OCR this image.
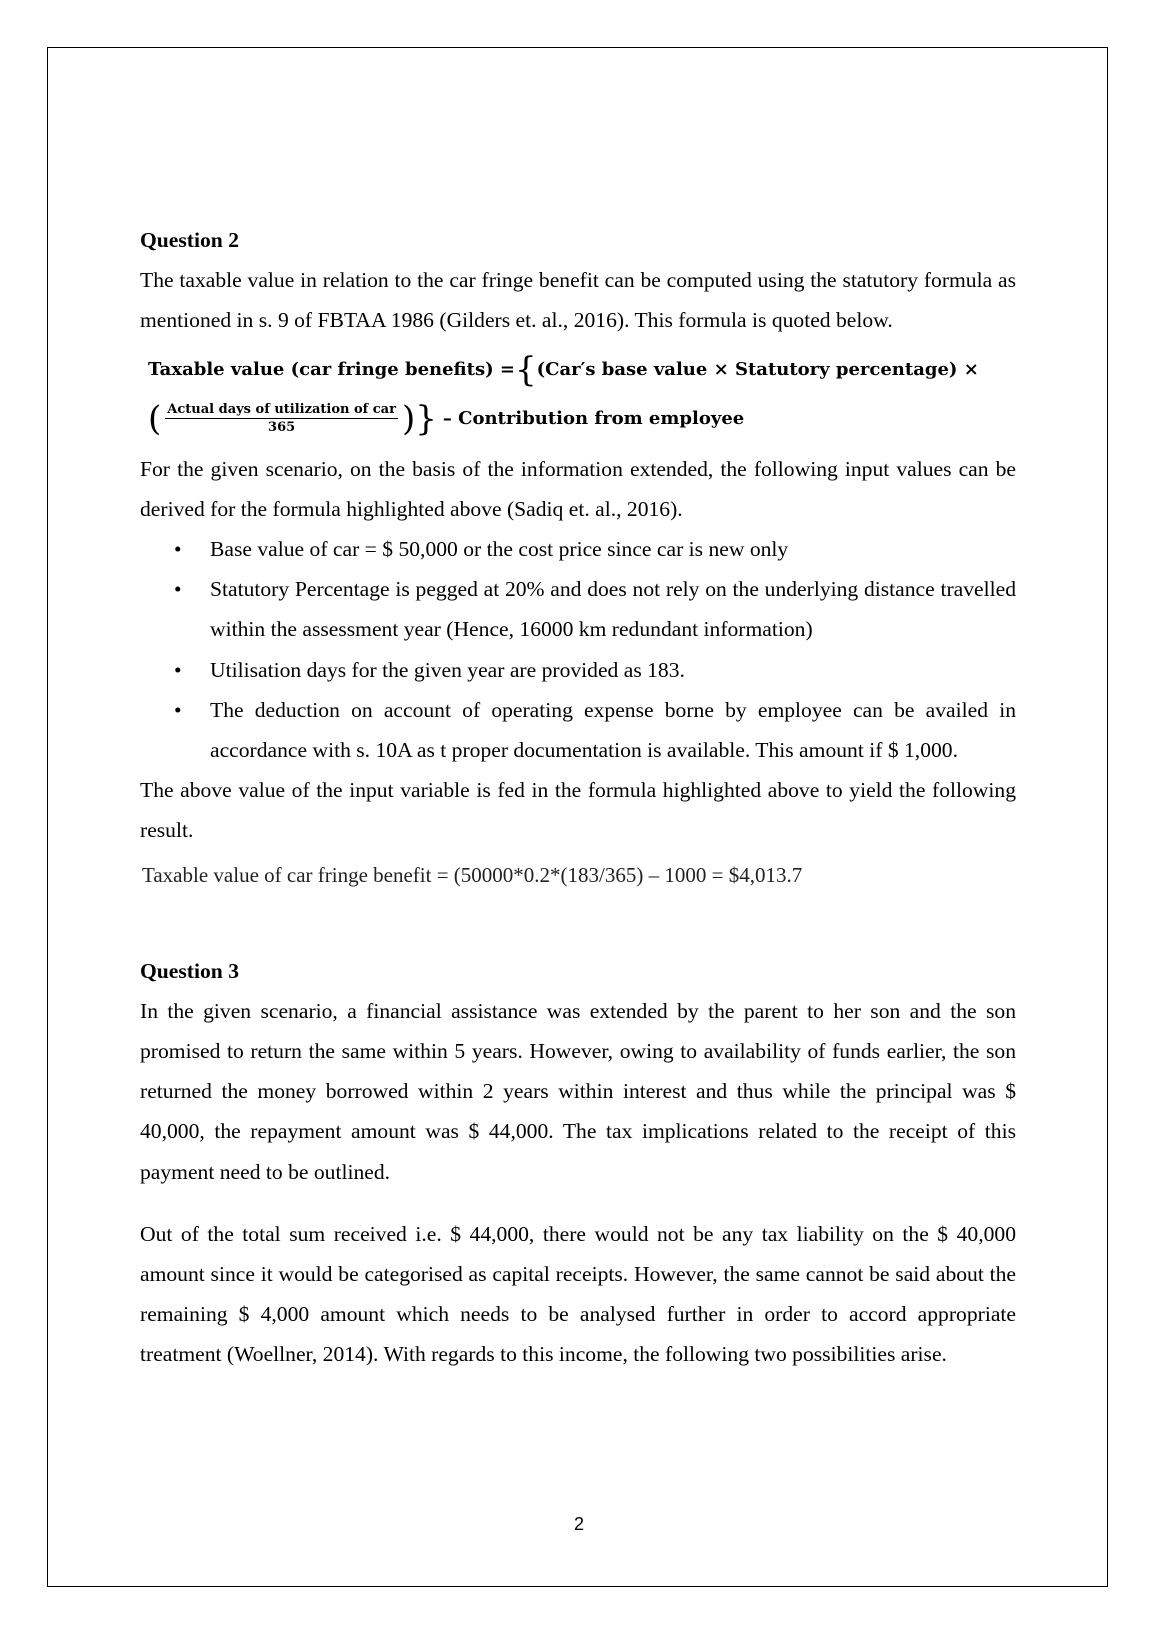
Question 2

The taxable value in relation to the car fringe benefit can be computed using the statutory formula as mentioned in s. 9 of FBTAA 1986 (Gilders et. al., 2016). This formula is quoted below.

Taxable value (car fringe benefits) = { (Car′s base value × Statutory percentage) ×
( $\frac{\text{Actual days of utilization of car}}{365}$ )} – Contribution from employee

For the given scenario, on the basis of the information extended, the following input values can be derived for the formula highlighted above (Sadiq et. al., 2016).

• Base value of car = $ 50,000 or the cost price since car is new only
• Statutory Percentage is pegged at 20% and does not rely on the underlying distance travelled within the assessment year (Hence, 16000 km redundant information)
• Utilisation days for the given year are provided as 183.
• The deduction on account of operating expense borne by employee can be availed in accordance with s. 10A as t proper documentation is available. This amount if $ 1,000.

The above value of the input variable is fed in the formula highlighted above to yield the following result.

Taxable value of car fringe benefit = (50000*0.2*(183/365) – 1000 = $4,013.7
Question 3

In the given scenario, a financial assistance was extended by the parent to her son and the son promised to return the same within 5 years. However, owing to availability of funds earlier, the son returned the money borrowed within 2 years within interest and thus while the principal was $ 40,000, the repayment amount was $ 44,000. The tax implications related to the receipt of this payment need to be outlined.

Out of the total sum received i.e. $ 44,000, there would not be any tax liability on the $ 40,000 amount since it would be categorised as capital receipts. However, the same cannot be said about the remaining $ 4,000 amount which needs to be analysed further in order to accord appropriate treatment (Woellner, 2014). With regards to this income, the following two possibilities arise.

2
